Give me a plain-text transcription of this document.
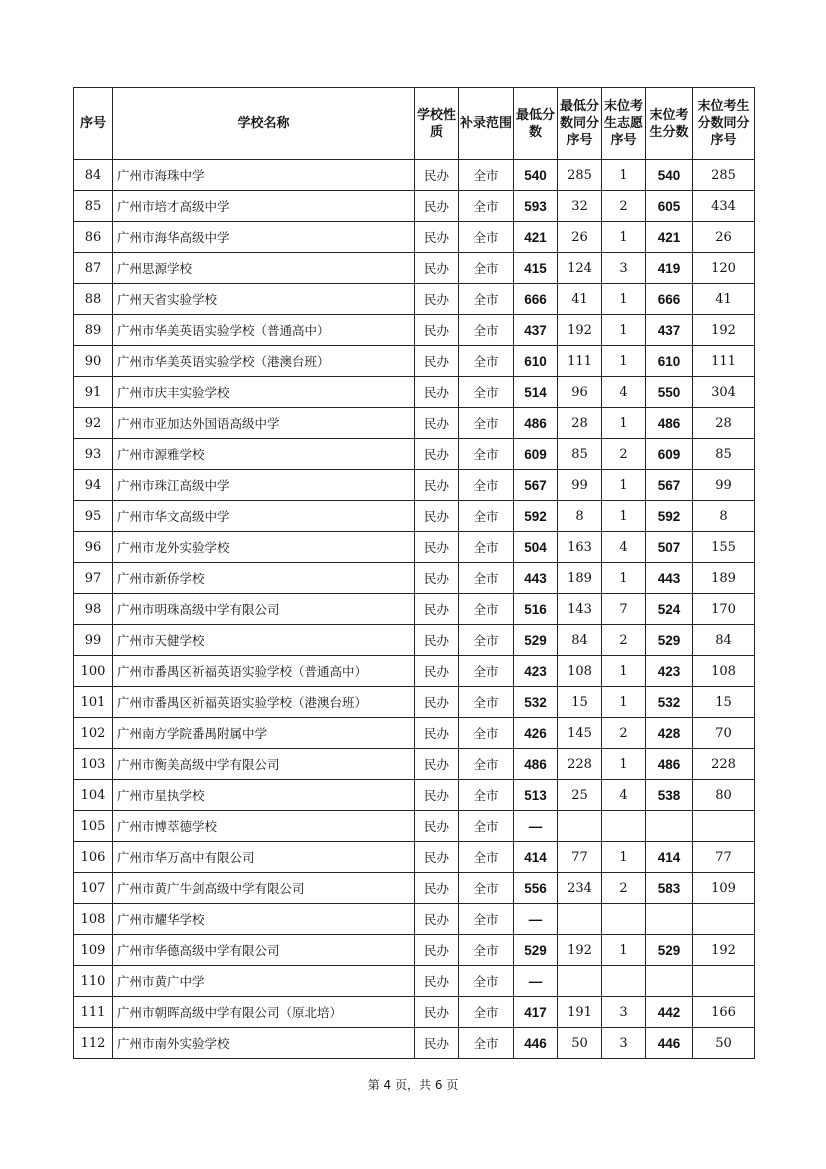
序号	学校名称	学校性质	补录范围	最低分数	最低分数同分序号	末位考生志愿序号	末位考生分数	末位考生分数同分序号
84	广州市海珠中学	民办	全市	540	285	1	540	285
85	广州市培才高级中学	民办	全市	593	32	2	605	434
86	广州市海华高级中学	民办	全市	421	26	1	421	26
87	广州思源学校	民办	全市	415	124	3	419	120
88	广州天省实验学校	民办	全市	666	41	1	666	41
89	广州市华美英语实验学校（普通高中）	民办	全市	437	192	1	437	192
90	广州市华美英语实验学校（港澳台班）	民办	全市	610	111	1	610	111
91	广州市庆丰实验学校	民办	全市	514	96	4	550	304
92	广州市亚加达外国语高级中学	民办	全市	486	28	1	486	28
93	广州市源雅学校	民办	全市	609	85	2	609	85
94	广州市珠江高级中学	民办	全市	567	99	1	567	99
95	广州市华文高级中学	民办	全市	592	8	1	592	8
96	广州市龙外实验学校	民办	全市	504	163	4	507	155
97	广州市新侨学校	民办	全市	443	189	1	443	189
98	广州市明珠高级中学有限公司	民办	全市	516	143	7	524	170
99	广州市天健学校	民办	全市	529	84	2	529	84
100	广州市番禺区祈福英语实验学校（普通高中）	民办	全市	423	108	1	423	108
101	广州市番禺区祈福英语实验学校（港澳台班）	民办	全市	532	15	1	532	15
102	广州南方学院番禺附属中学	民办	全市	426	145	2	428	70
103	广州市衡美高级中学有限公司	民办	全市	486	228	1	486	228
104	广州市星执学校	民办	全市	513	25	4	538	80
105	广州市博萃德学校	民办	全市	—				
106	广州市华万高中有限公司	民办	全市	414	77	1	414	77
107	广州市黄广牛剑高级中学有限公司	民办	全市	556	234	2	583	109
108	广州市耀华学校	民办	全市	—				
109	广州市华德高级中学有限公司	民办	全市	529	192	1	529	192
110	广州市黄广中学	民办	全市	—				
111	广州市朝晖高级中学有限公司（原北培）	民办	全市	417	191	3	442	166
112	广州市南外实验学校	民办	全市	446	50	3	446	50
第 4 页，共 6 页
